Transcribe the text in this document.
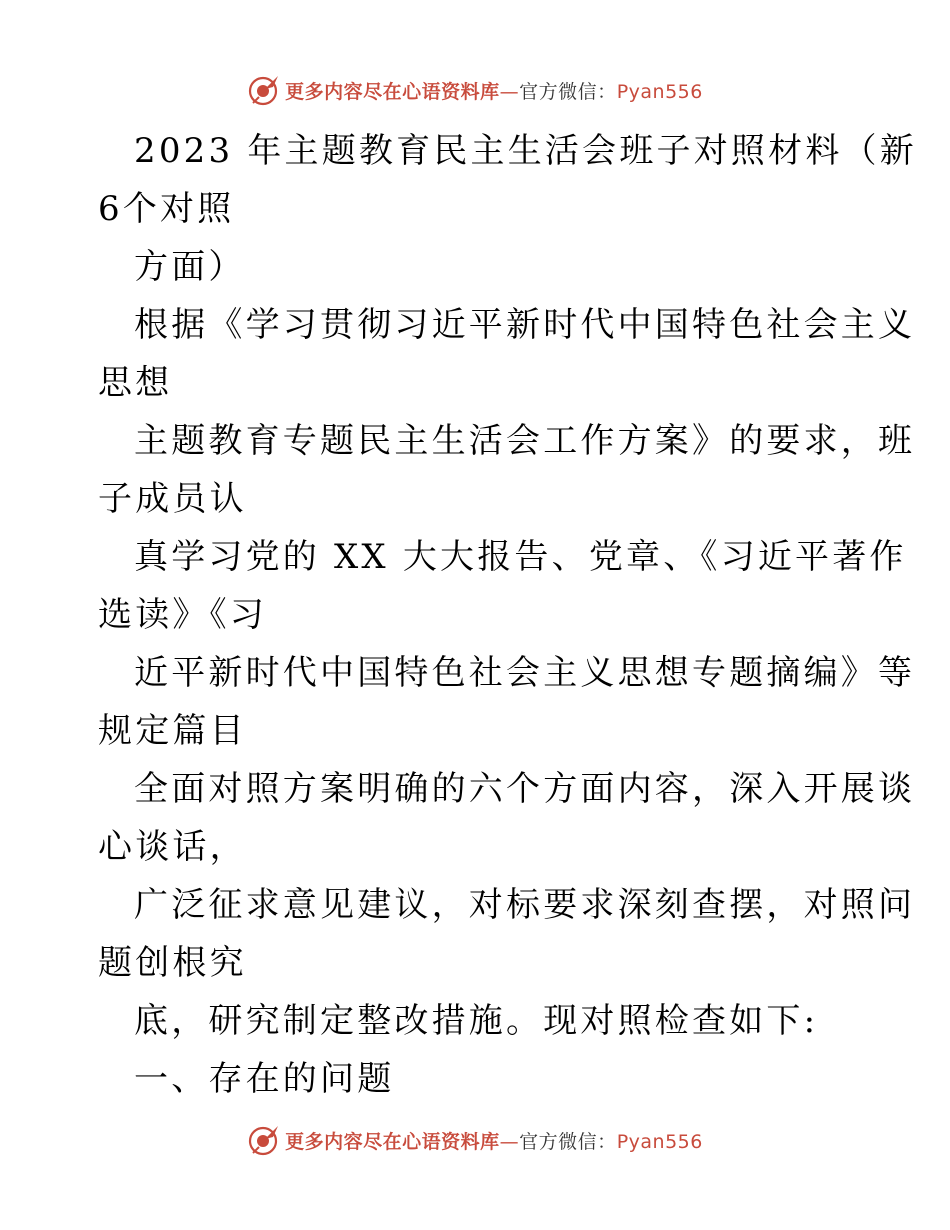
更多内容尽在心语资料库—官方微信：Pyan556
2023 年主题教育民主生活会班子对照材料（新
6个对照
方面）
根据《学习贯彻习近平新时代中国特色社会主义
思想
主题教育专题民主生活会工作方案》的要求，班
子成员认
真学习党的 XX 大大报告、党章、《习近平著作
选读》《习
近平新时代中国特色社会主义思想专题摘编》等
规定篇目
全面对照方案明确的六个方面内容，深入开展谈
心谈话，
广泛征求意见建议，对标要求深刻查摆，对照问
题创根究
底，研究制定整改措施。现对照检查如下:
一、存在的问题
更多内容尽在心语资料库—官方微信：Pyan556
